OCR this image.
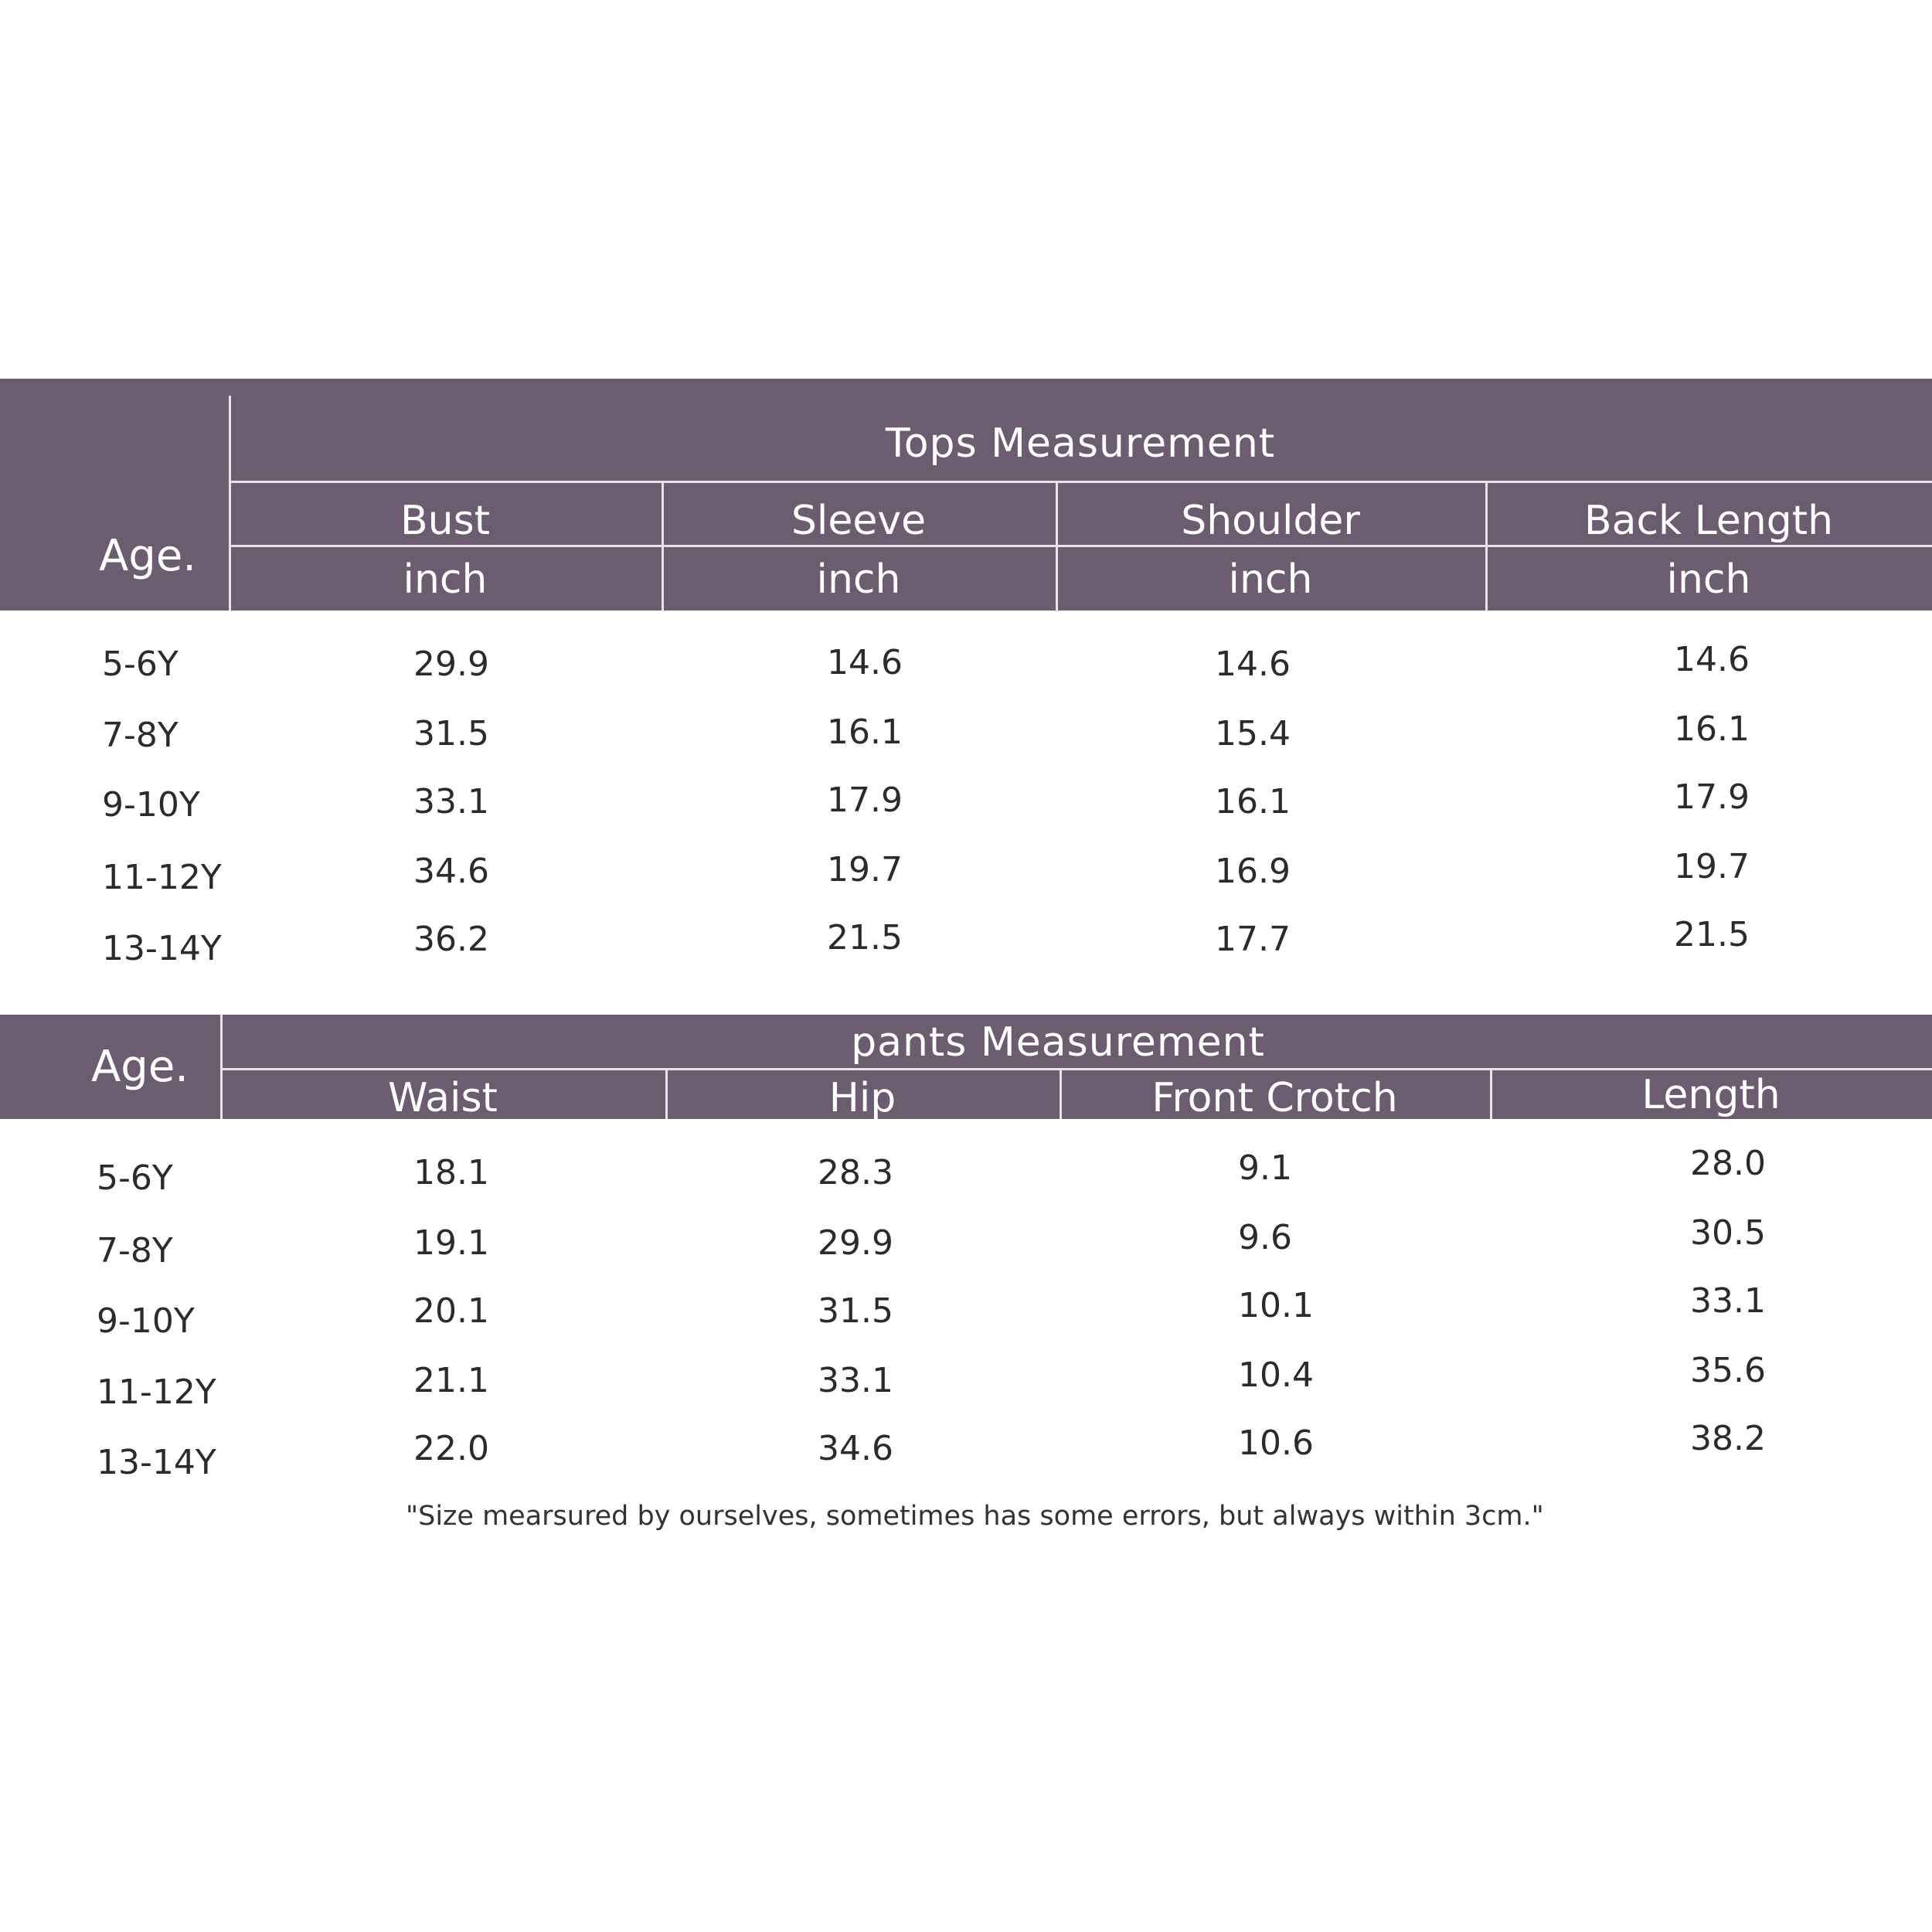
Age.
Tops Measurement
Bust	Sleeve	Shoulder	Back Length
inch	inch	inch	inch
5-6Y	29.9	14.6	14.6	14.6
7-8Y	31.5	16.1	15.4	16.1
9-10Y	33.1	17.9	16.1	17.9
11-12Y	34.6	19.7	16.9	19.7
13-14Y	36.2	21.5	17.7	21.5
Age.	pants Measurement
Waist	Hip	Front Crotch	Length
5-6Y	18.1	28.3	9.1	28.0
7-8Y	19.1	29.9	9.6	30.5
9-10Y	20.1	31.5	10.1	33.1
11-12Y	21.1	33.1	10.4	35.6
13-14Y	22.0	34.6	10.6	38.2
"Size mearsured by ourselves, sometimes has some errors, but always within 3cm."
